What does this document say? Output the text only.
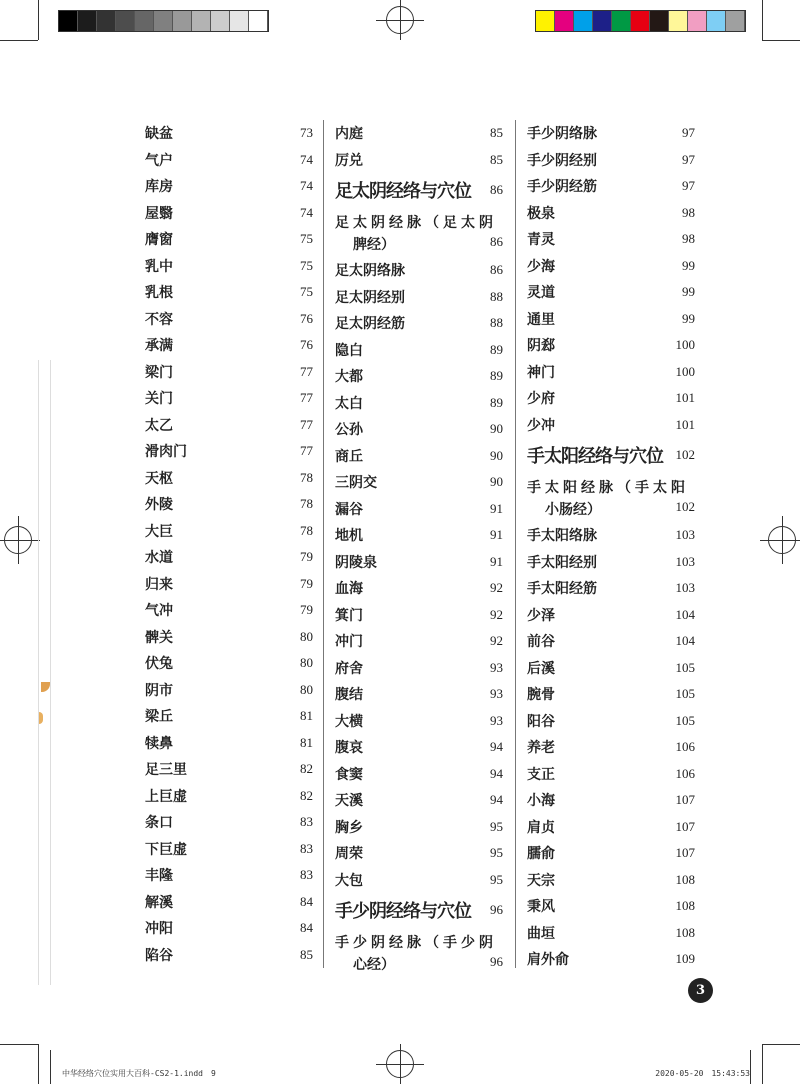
缺盆	73
气户	74
库房	74
屋翳	74
膺窗	75
乳中	75
乳根	75
不容	76
承满	76
梁门	77
关门	77
太乙	77
滑肉门	77
天枢	78
外陵	78
大巨	78
水道	79
归来	79
气冲	79
髀关	80
伏兔	80
阴市	80
梁丘	81
犊鼻	81
足三里	82
上巨虚	82
条口	83
下巨虚	83
丰隆	83
解溪	84
冲阳	84
陷谷	85
内庭	85
厉兑	85
足太阴经络与穴位 86
足太阴经脉（足太阴
脾经）	86
足太阴络脉	86
足太阴经别	88
足太阴经筋	88
隐白	89
大都	89
太白	89
公孙	90
商丘	90
三阴交	90
漏谷	91
地机	91
阴陵泉	91
血海	92
箕门	92
冲门	92
府舍	93
腹结	93
大横	93
腹哀	94
食窦	94
天溪	94
胸乡	95
周荣	95
大包	95
手少阴经络与穴位 96
手少阴经脉（手少阴
心经）	96
手少阴络脉	97
手少阴经别	97
手少阴经筋	97
极泉	98
青灵	98
少海	99
灵道	99
通里	99
阴郄	100
神门	100
少府	101
少冲	101
手太阳经络与穴位 102
手太阳经脉（手太阳
小肠经）	102
手太阳络脉	103
手太阳经别	103
手太阳经筋	103
少泽	104
前谷	104
后溪	105
腕骨	105
阳谷	105
养老	106
支正	106
小海	107
肩贞	107
臑俞	107
天宗	108
秉风	108
曲垣	108
肩外俞	109
3
中华经络穴位实用大百科-CS2-1.indd　9	2020-05-20　15:43:53
